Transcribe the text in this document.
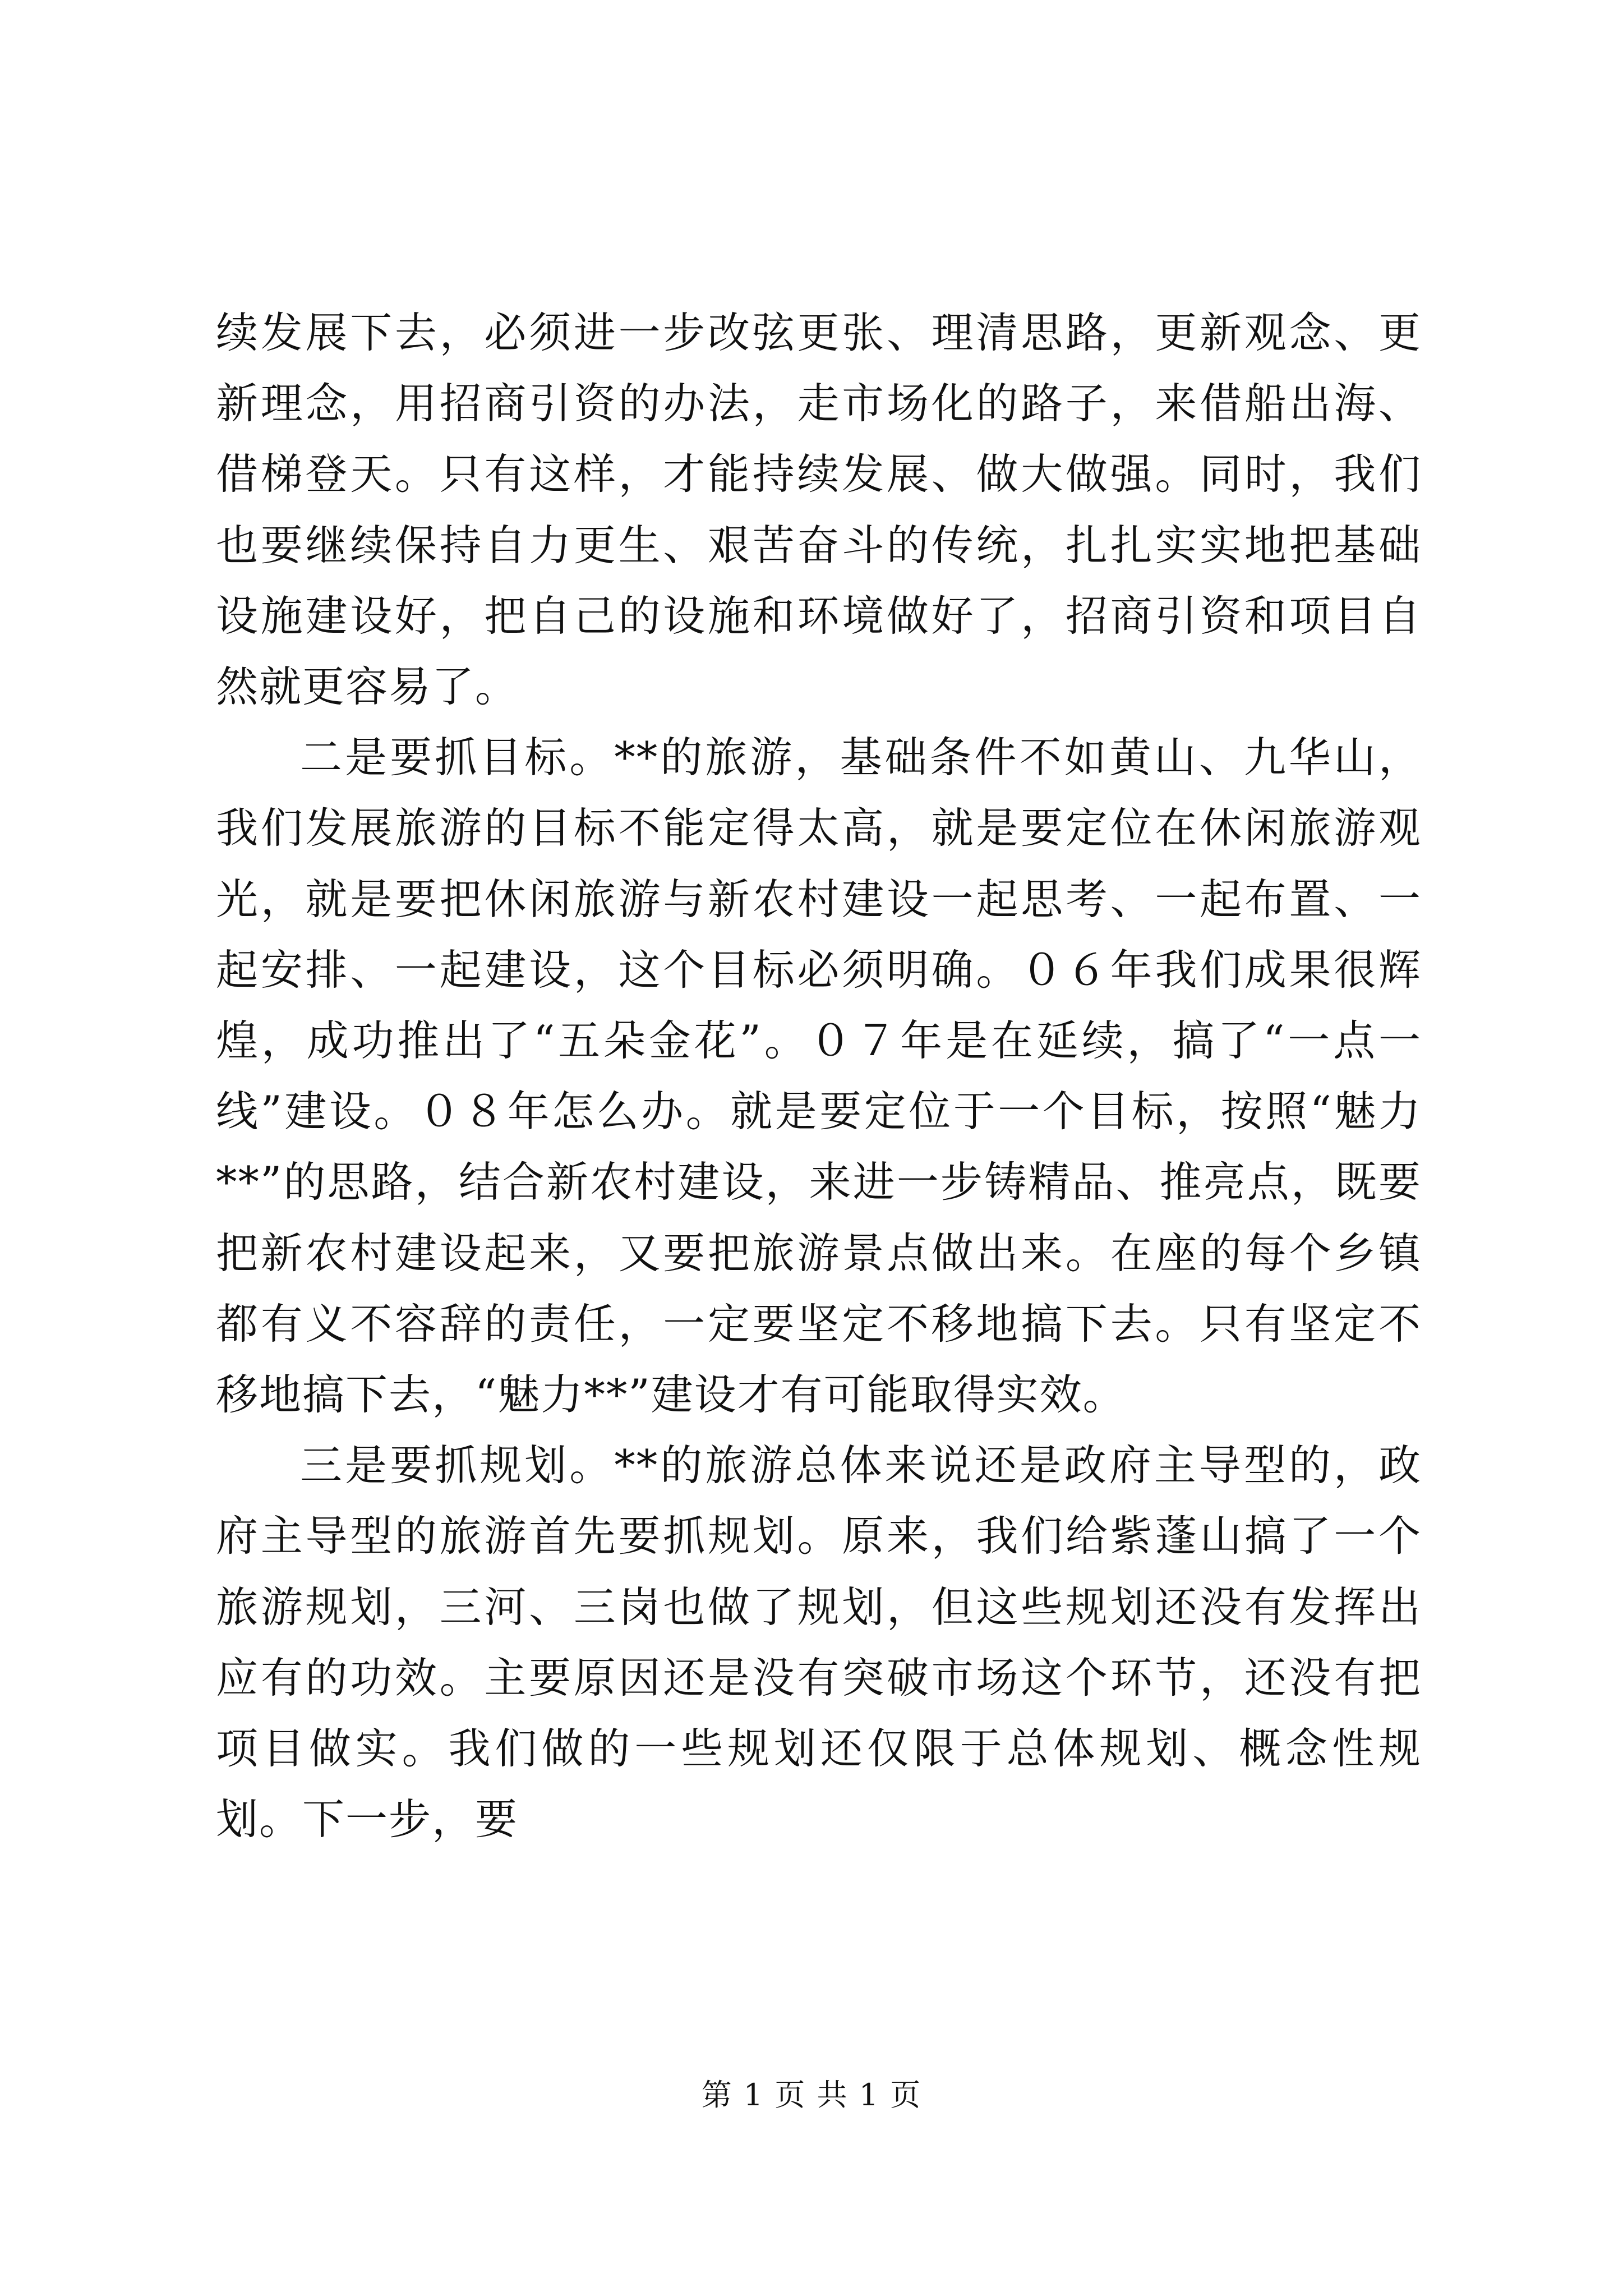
续发展下去，必须进一步改弦更张、理清思路，更新观念、更新理念，用招商引资的办法，走市场化的路子，来借船出海、借梯登天。只有这样，才能持续发展、做大做强。同时，我们也要继续保持自力更生、艰苦奋斗的传统，扎扎实实地把基础设施建设好，把自己的设施和环境做好了，招商引资和项目自然就更容易了。

二是要抓目标。**的旅游，基础条件不如黄山、九华山，我们发展旅游的目标不能定得太高，就是要定位在休闲旅游观光，就是要把休闲旅游与新农村建设一起思考、一起布置、一起安排、一起建设，这个目标必须明确。０６年我们成果很辉煌，成功推出了“五朵金花”。０７年是在延续，搞了“一点一线”建设。０８年怎么办。就是要定位于一个目标，按照“魅力**”的思路，结合新农村建设，来进一步铸精品、推亮点，既要把新农村建设起来，又要把旅游景点做出来。在座的每个乡镇都有义不容辞的责任，一定要坚定不移地搞下去。只有坚定不移地搞下去，“魅力**”建设才有可能取得实效。

三是要抓规划。**的旅游总体来说还是政府主导型的，政府主导型的旅游首先要抓规划。原来，我们给紫蓬山搞了一个旅游规划，三河、三岗也做了规划，但这些规划还没有发挥出应有的功效。主要原因还是没有突破市场这个环节，还没有把项目做实。我们做的一些规划还仅限于总体规划、概念性规划。下一步，要

第 1 页 共 1 页
